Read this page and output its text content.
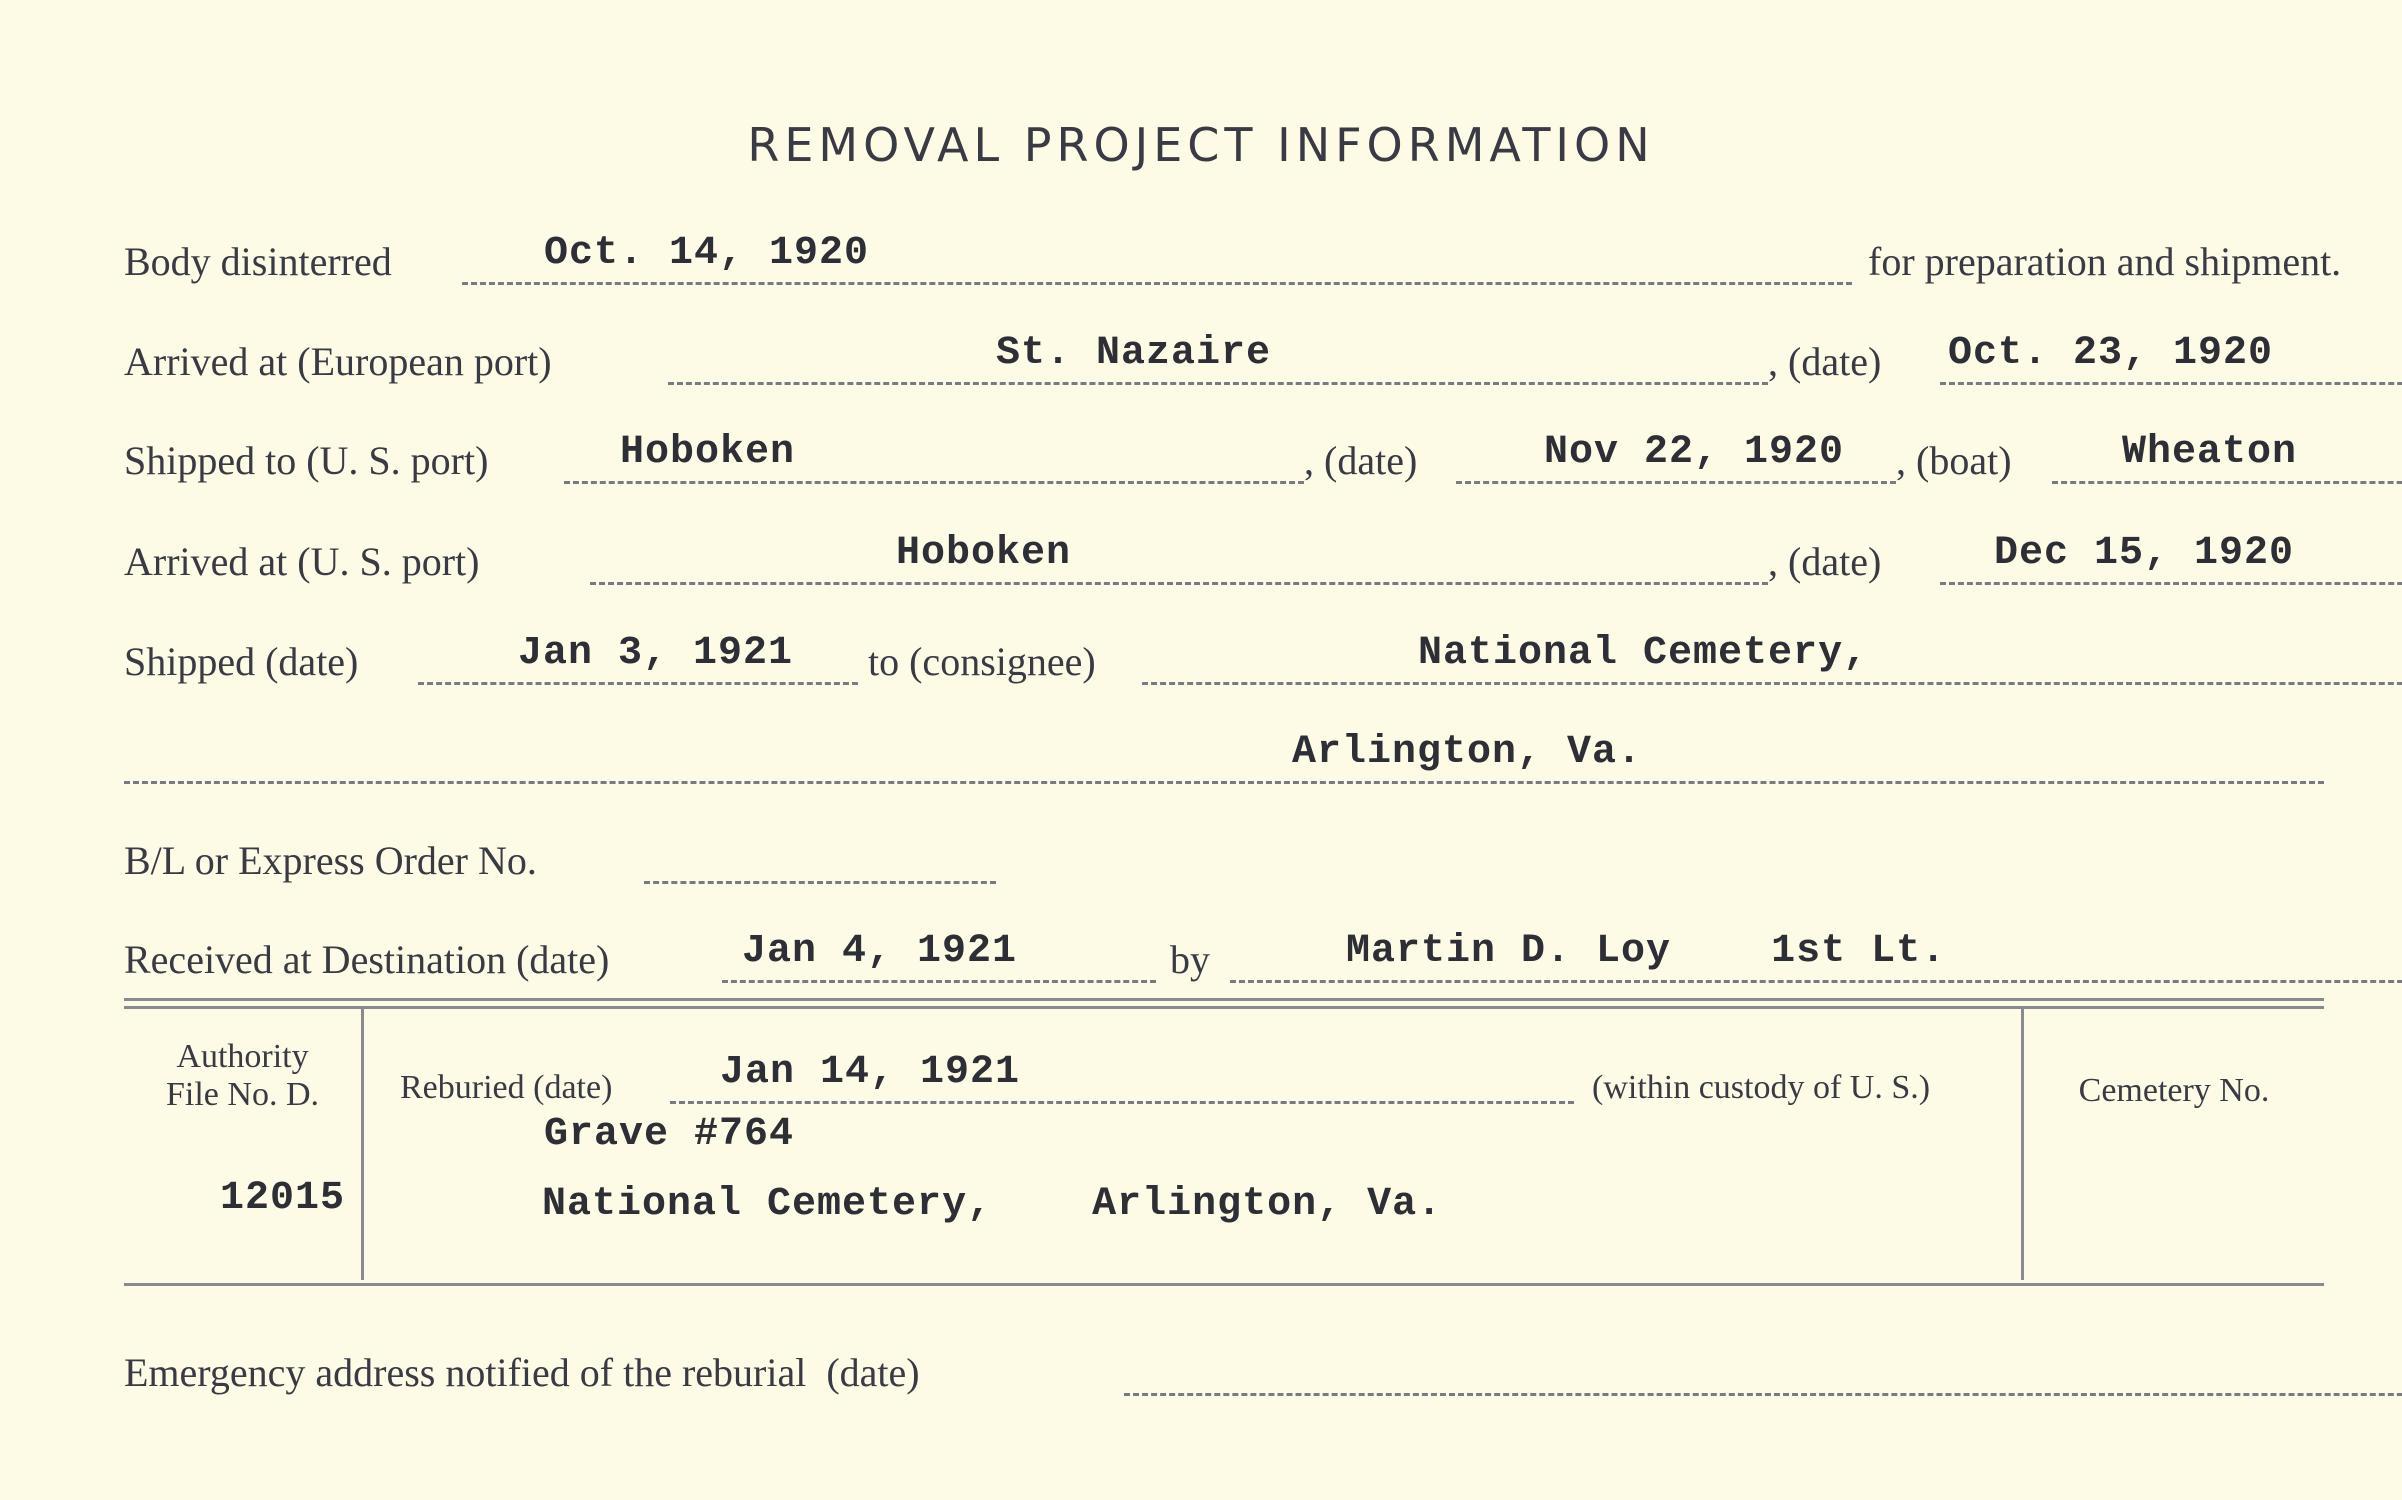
REMOVAL PROJECT INFORMATION
Body disinterred	Oct. 14, 1920	for preparation and shipment.
Arrived at (European port)	St. Nazaire	, (date) Oct. 23, 1920
Shipped to (U. S. port)	Hoboken	, (date)	Nov 22, 1920 , (boat)	Wheaton
Arrived at (U. S. port)	Hoboken	, (date)	Dec 15, 1920
Shipped (date)	Jan 3, 1921 to (consignee)	National Cemetery,
Arlington, Va.
B/L or Express Order No.
Received at Destination (date)	Jan 4, 1921	by	Martin D. Loy    1st Lt.
Authority
File No. D.
12015
Reburied (date)	Jan 14, 1921	(within custody of U. S.)
Grave #764
National Cemetery,    Arlington, Va.
Cemetery No.
Emergency address notified of the reburial  (date)
